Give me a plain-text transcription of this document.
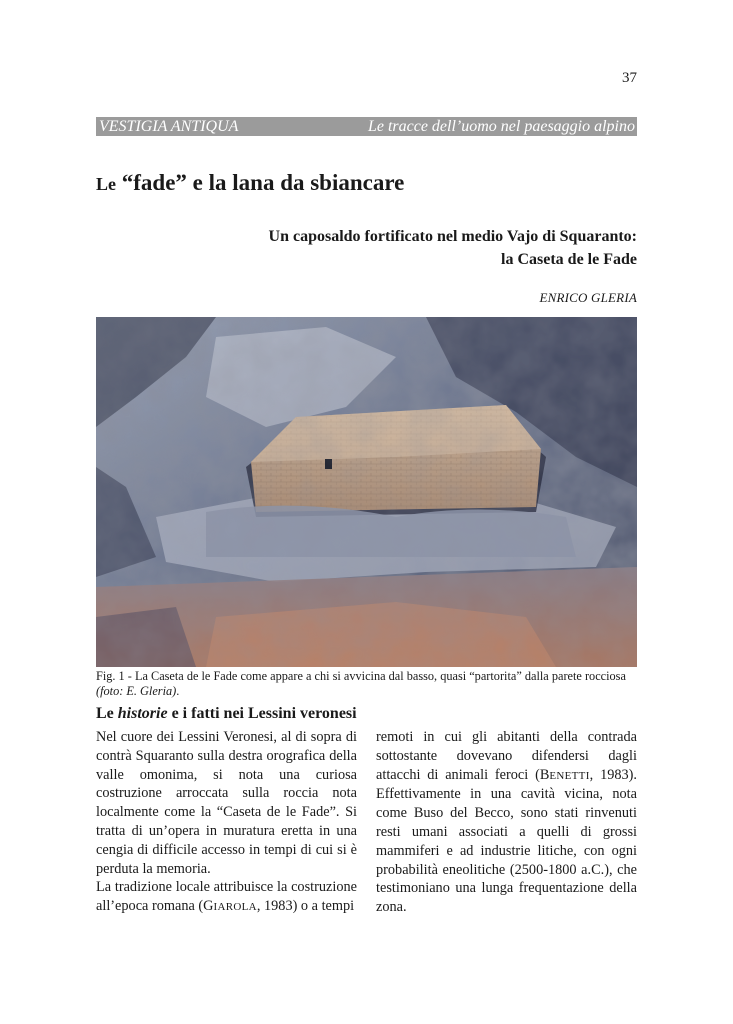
37
VESTIGIA ANTIQUA	Le tracce dell’uomo nel paesaggio alpino
Le “fade” e la lana da sbiancare
Un caposaldo fortificato nel medio Vajo di Squaranto:
la Caseta de le Fade
ENRICO GLERIA
Fig. 1 - La Caseta de le Fade come appare a chi si avvicina dal basso, quasi “partorita” dalla parete rocciosa (foto: E. Gleria).
Le historie e i fatti nei Lessini veronesi

Nel cuore dei Lessini Veronesi, al di sopra di contrà Squaranto sulla destra orografica della valle omonima, si nota una curiosa costruzione arroccata sulla roccia nota localmente come la “Caseta de le Fade”. Si tratta di un’opera in muratura eretta in una cengia di difficile accesso in tempi di cui si è perduta la memoria.

La tradizione locale attribuisce la costruzione all’epoca romana (GIAROLA, 1983) o a tempi

remoti in cui gli abitanti della contrada sottostante dovevano difendersi dagli attacchi di animali feroci (BENETTI, 1983). Effettivamente in una cavità vicina, nota come Buso del Becco, sono stati rinvenuti resti umani associati a quelli di grossi mammiferi e ad industrie litiche, con ogni probabilità eneolitiche (2500-1800 a.C.), che testimoniano una lunga frequentazione della zona.
